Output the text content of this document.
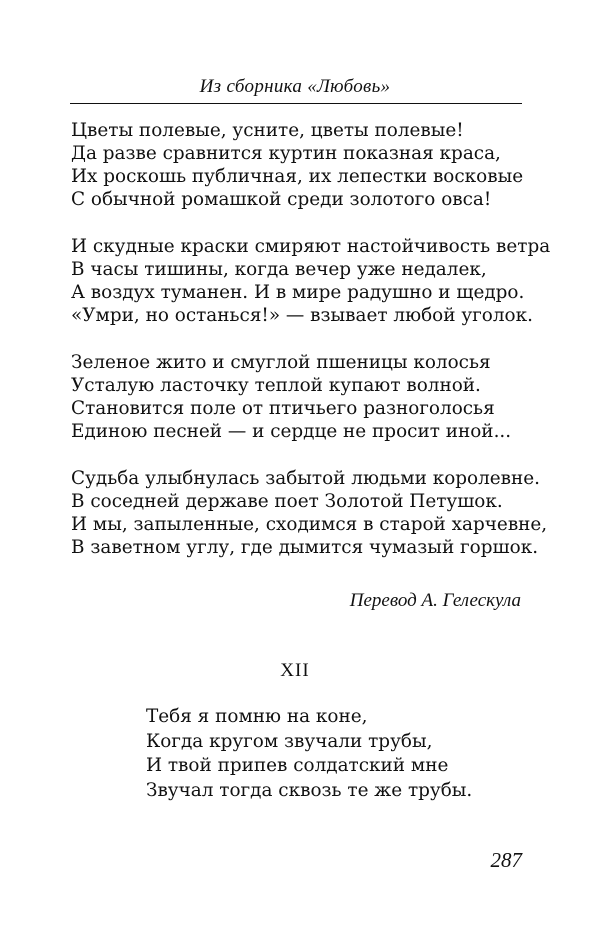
Из сборника «Любовь»
Цветы полевые, усните, цветы полевые!
Да разве сравнится куртин показная краса,
Их роскошь публичная, их лепестки восковые
С обычной ромашкой среди золотого овса!
И скудные краски смиряют настойчивость ветра
В часы тишины, когда вечер уже недалек,
А воздух туманен. И в мире радушно и щедро.
«Умри, но останься!» — взывает любой уголок.
Зеленое жито и смуглой пшеницы колосья
Усталую ласточку теплой купают волной.
Становится поле от птичьего разноголосья
Единою песней — и сердце не просит иной...
Судьба улыбнулась забытой людьми королевне.
В соседней державе поет Золотой Петушок.
И мы, запыленные, сходимся в старой харчевне,
В заветном углу, где дымится чумазый горшок.
Перевод А. Гелескула
XII
Тебя я помню на коне,
Когда кругом звучали трубы,
И твой припев солдатский мне
Звучал тогда сквозь те же трубы.
287
